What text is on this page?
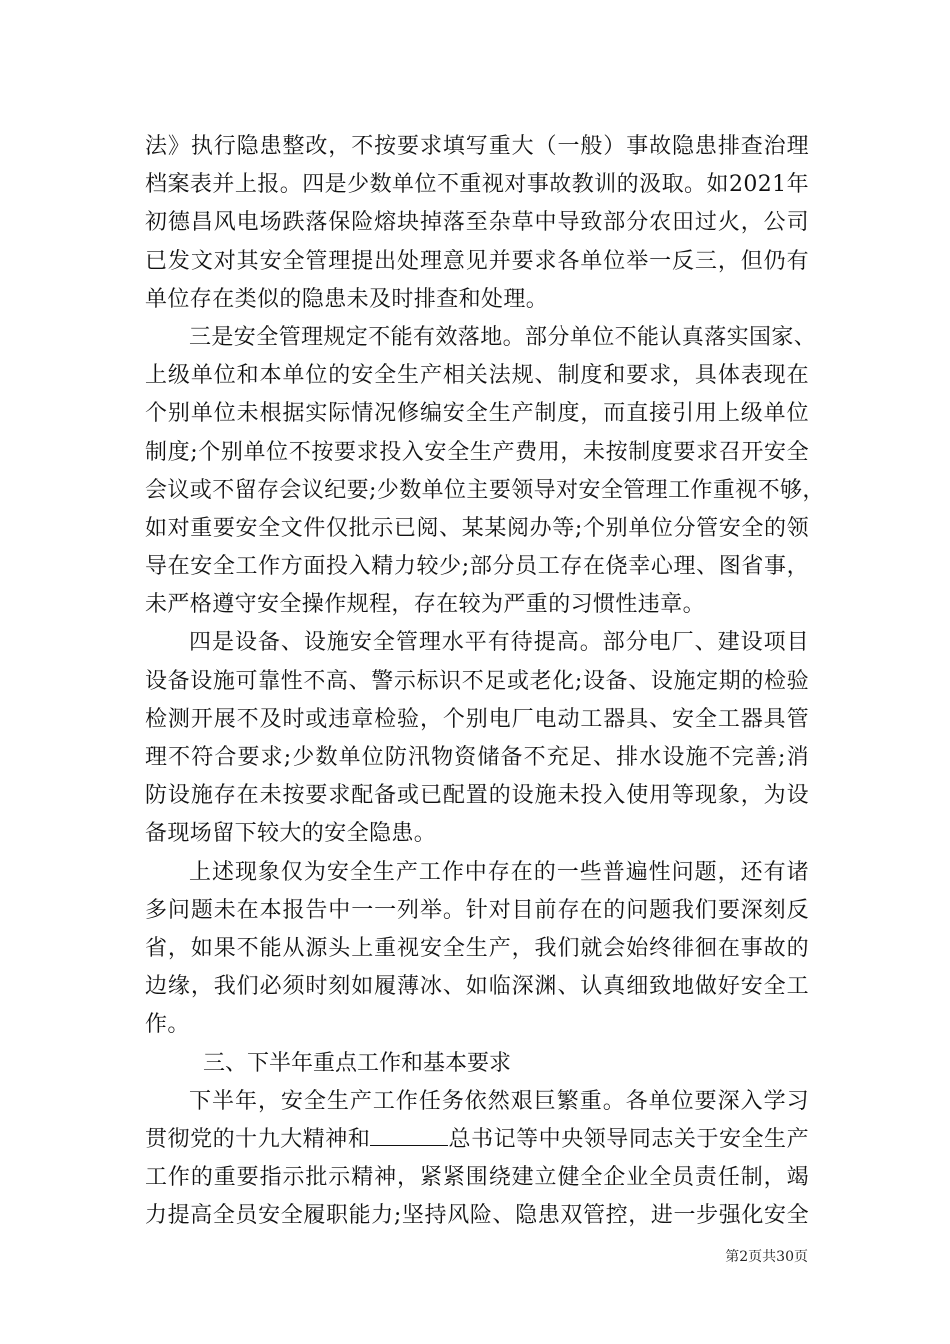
法》执行隐患整改，不按要求填写重大（一般）事故隐患排查治理
档案表并上报。四是少数单位不重视对事故教训的汲取。如2021年
初德昌风电场跌落保险熔块掉落至杂草中导致部分农田过火，公司
已发文对其安全管理提出处理意见并要求各单位举一反三，但仍有
单位存在类似的隐患未及时排查和处理。

三是安全管理规定不能有效落地。部分单位不能认真落实国家、
上级单位和本单位的安全生产相关法规、制度和要求，具体表现在
个别单位未根据实际情况修编安全生产制度，而直接引用上级单位
制度;个别单位不按要求投入安全生产费用，未按制度要求召开安全
会议或不留存会议纪要;少数单位主要领导对安全管理工作重视不够，
如对重要安全文件仅批示已阅、某某阅办等;个别单位分管安全的领
导在安全工作方面投入精力较少;部分员工存在侥幸心理、图省事，
未严格遵守安全操作规程，存在较为严重的习惯性违章。

四是设备、设施安全管理水平有待提高。部分电厂、建设项目
设备设施可靠性不高、警示标识不足或老化;设备、设施定期的检验
检测开展不及时或违章检验，个别电厂电动工器具、安全工器具管
理不符合要求;少数单位防汛物资储备不充足、排水设施不完善;消
防设施存在未按要求配备或已配置的设施未投入使用等现象，为设
备现场留下较大的安全隐患。

上述现象仅为安全生产工作中存在的一些普遍性问题，还有诸
多问题未在本报告中一一列举。针对目前存在的问题我们要深刻反
省，如果不能从源头上重视安全生产，我们就会始终徘徊在事故的
边缘，我们必须时刻如履薄冰、如临深渊、认真细致地做好安全工
作。

三、下半年重点工作和基本要求

下半年，安全生产工作任务依然艰巨繁重。各单位要深入学习
贯彻党的十九大精神和	总书记等中央领导同志关于安全生产
工作的重要指示批示精神，紧紧围绕建立健全企业全员责任制，竭
力提高全员安全履职能力;坚持风险、隐患双管控，进一步强化安全

第2页共30页
